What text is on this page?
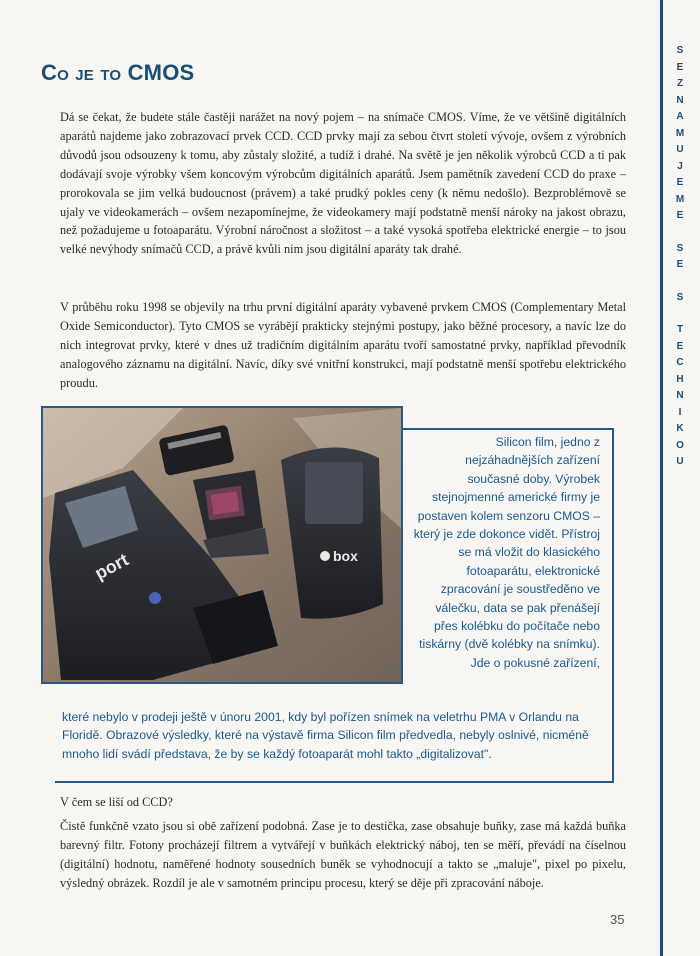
S
E
Z
N
A
M
U
J
E
M
E
S
E
S
T
E
C
H
N
I
K
O
U
Co je to CMOS

Dá se čekat, že budete stále častěji narážet na nový pojem – na snímače CMOS. Víme, že ve většině digitálních aparátů najdeme jako zobrazovací prvek CCD. CCD prvky mají za sebou čtvrt století vývoje, ovšem z výrobních důvodů jsou odsouzeny k tomu, aby zůstaly složité, a tudíž i drahé. Na světě je jen několik výrobců CCD a ti pak dodávají svoje výrobky všem koncovým výrobcům digitálních aparátů. Jsem pamětník zavedení CCD do praxe – prorokovala se jim velká budoucnost (právem) a také prudký pokles ceny (k němu nedošlo). Bezproblémově se ujaly ve videokamerách – ovšem nezapomínejme, že videokamery mají podstatně menší nároky na jakost obrazu, než požadujeme u fotoaparátu. Výrobní náročnost a složitost – a také vysoká spotřeba elektrické energie – to jsou velké nevýhody snímačů CCD, a právě kvůli nim jsou digitální aparáty tak drahé.

V průběhu roku 1998 se objevily na trhu první digitální aparáty vybavené prvkem CMOS (Complementary Metal Oxide Semiconductor). Tyto CMOS se vyrábějí prakticky stejnými postupy, jako běžné procesory, a navíc lze do nich integrovat prvky, které v dnes už tradičním digitálním aparátu tvoří samostatné prvky, například převodník analogového záznamu na digitální. Navíc, díky své vnitřní konstrukci, mají podstatně menší spotřebu elektrického proudu.

port	box

Silicon film, jedno z nejzáhadnějších zařízení současné doby. Výrobek stejnojmenné americké firmy je postaven kolem senzoru CMOS – který je zde dokonce vidět. Přístroj se má vložit do klasického fotoaparátu, elektronické zpracování je soustředěno ve válečku, data se pak přenášejí přes kolébku do počítače nebo tiskárny (dvě kolébky na snímku). Jde o pokusné zařízení,

které nebylo v prodeji ještě v únoru 2001, kdy byl pořízen snímek na veletrhu PMA v Orlandu na Floridě. Obrazové výsledky, které na výstavě firma Silicon film předvedla, nebyly oslnivé, nicméně mnoho lidí svádí představa, že by se každý fotoaparát mohl takto „digitalizovat".

V čem se liší od CCD?

Čistě funkčně vzato jsou si obě zařízení podobná. Zase je to destička, zase obsahuje buňky, zase má každá buňka barevný filtr. Fotony procházejí filtrem a vytvářejí v buňkách elektrický náboj, ten se měří, převádí na číselnou (digitální) hodnotu, naměřené hodnoty sousedních buněk se vyhodnocují a takto se „maluje", pixel po pixelu, výsledný obrázek. Rozdíl je ale v samotném principu procesu, který se děje při zpracování náboje.

35
